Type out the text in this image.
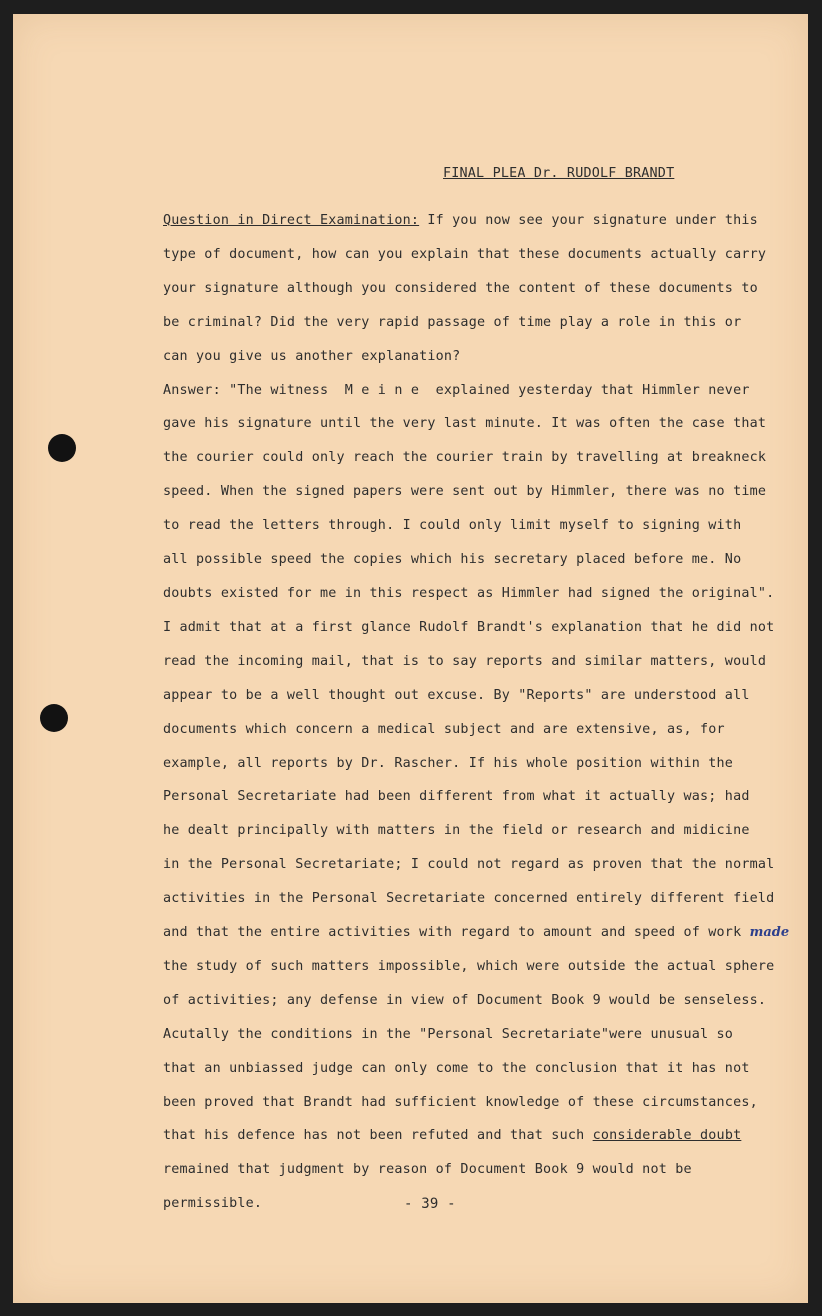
FINAL PLEA Dr. RUDOLF BRANDT
Question in Direct Examination: If you now see your signature under this
type of document, how can you explain that these documents actually carry
your signature although you considered the content of these documents to
be criminal? Did the very rapid passage of time play a role in this or
can you give us another explanation?
Answer: "The witness  M e i n e  explained yesterday that Himmler never
gave his signature until the very last minute. It was often the case that
the courier could only reach the courier train by travelling at breakneck
speed. When the signed papers were sent out by Himmler, there was no time
to read the letters through. I could only limit myself to signing with
all possible speed the copies which his secretary placed before me. No
doubts existed for me in this respect as Himmler had signed the original".
I admit that at a first glance Rudolf Brandt's explanation that he did not
read the incoming mail, that is to say reports and similar matters, would
appear to be a well thought out excuse. By "Reports" are understood all
documents which concern a medical subject and are extensive, as, for
example, all reports by Dr. Rascher. If his whole position within the
Personal Secretariate had been different from what it actually was; had
he dealt principally with matters in the field or research and midicine
in the Personal Secretariate; I could not regard as proven that the normal
activities in the Personal Secretariate concerned entirely different field
and that the entire activities with regard to amount and speed of work made
the study of such matters impossible, which were outside the actual sphere
of activities; any defense in view of Document Book 9 would be senseless.
Acutally the conditions in the "Personal Secretariate"were unusual so
that an unbiassed judge can only come to the conclusion that it has not
been proved that Brandt had sufficient knowledge of these circumstances,
that his defence has not been refuted and that such considerable doubt
remained that judgment by reason of Document Book 9 would not be
permissible.	- 39 -
